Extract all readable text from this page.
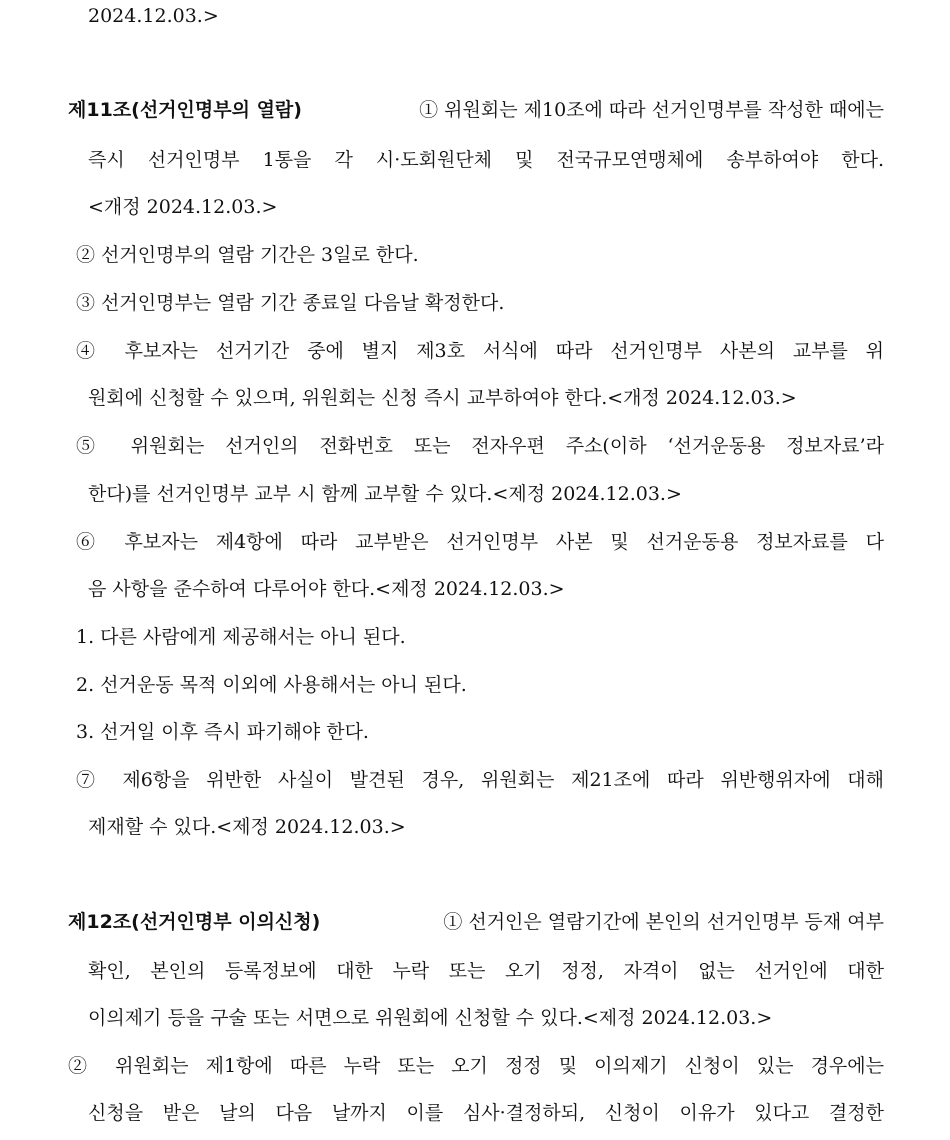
2024.12.03.>

제11조(선거인명부의 열람)	① 위원회는 제10조에 따라 선거인명부를 작성한 때에는

즉시 선거인명부 1통을 각 시·도회원단체 및 전국규모연맹체에 송부하여야 한다.

<개정 2024.12.03.>

② 선거인명부의 열람 기간은 3일로 한다.

③ 선거인명부는 열람 기간 종료일 다음날 확정한다.

④ 후보자는 선거기간 중에 별지 제3호 서식에 따라 선거인명부 사본의 교부를 위

원회에 신청할 수 있으며, 위원회는 신청 즉시 교부하여야 한다.<개정 2024.12.03.>

⑤ 위원회는 선거인의 전화번호 또는 전자우편 주소(이하 ‘선거운동용 정보자료’라

한다)를 선거인명부 교부 시 함께 교부할 수 있다.<제정 2024.12.03.>

⑥ 후보자는 제4항에 따라 교부받은 선거인명부 사본 및 선거운동용 정보자료를 다

음 사항을 준수하여 다루어야 한다.<제정 2024.12.03.>

1. 다른 사람에게 제공해서는 아니 된다.

2. 선거운동 목적 이외에 사용해서는 아니 된다.

3. 선거일 이후 즉시 파기해야 한다.

⑦ 제6항을 위반한 사실이 발견된 경우, 위원회는 제21조에 따라 위반행위자에 대해

제재할 수 있다.<제정 2024.12.03.>

제12조(선거인명부 이의신청)	① 선거인은 열람기간에 본인의 선거인명부 등재 여부

확인, 본인의 등록정보에 대한 누락 또는 오기 정정, 자격이 없는 선거인에 대한

이의제기 등을 구술 또는 서면으로 위원회에 신청할 수 있다.<제정 2024.12.03.>

② 위원회는 제1항에 따른 누락 또는 오기 정정 및 이의제기 신청이 있는 경우에는

신청을 받은 날의 다음 날까지 이를 심사·결정하되, 신청이 이유가 있다고 결정한
